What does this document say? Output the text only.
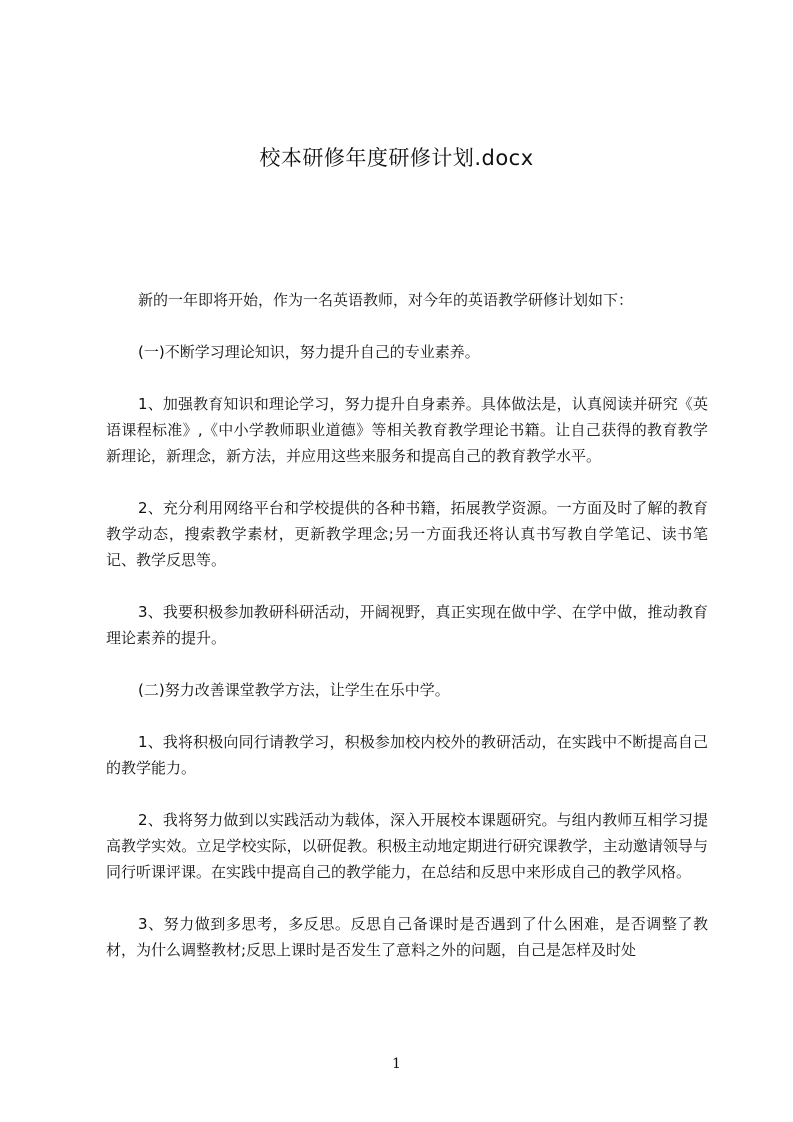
校本研修年度研修计划.docx

新的一年即将开始，作为一名英语教师，对今年的英语教学研修计划如下：

(一)不断学习理论知识，努力提升自己的专业素养。

1、加强教育知识和理论学习，努力提升自身素养。具体做法是，认真阅读并研究《英语课程标准》,《中小学教师职业道德》等相关教育教学理论书籍。让自己获得的教育教学新理论，新理念，新方法，并应用这些来服务和提高自己的教育教学水平。

2、充分利用网络平台和学校提供的各种书籍，拓展教学资源。一方面及时了解的教育教学动态，搜索教学素材，更新教学理念;另一方面我还将认真书写教自学笔记、读书笔记、教学反思等。

3、我要积极参加教研科研活动，开阔视野，真正实现在做中学、在学中做，推动教育理论素养的提升。

(二)努力改善课堂教学方法，让学生在乐中学。

1、我将积极向同行请教学习，积极参加校内校外的教研活动，在实践中不断提高自己的教学能力。

2、我将努力做到以实践活动为载体，深入开展校本课题研究。与组内教师互相学习提高教学实效。立足学校实际，以研促教。积极主动地定期进行研究课教学，主动邀请领导与同行听课评课。在实践中提高自己的教学能力，在总结和反思中来形成自己的教学风格。

3、努力做到多思考，多反思。反思自己备课时是否遇到了什么困难，是否调整了教材，为什么调整教材;反思上课时是否发生了意料之外的问题，自己是怎样及时处

1
